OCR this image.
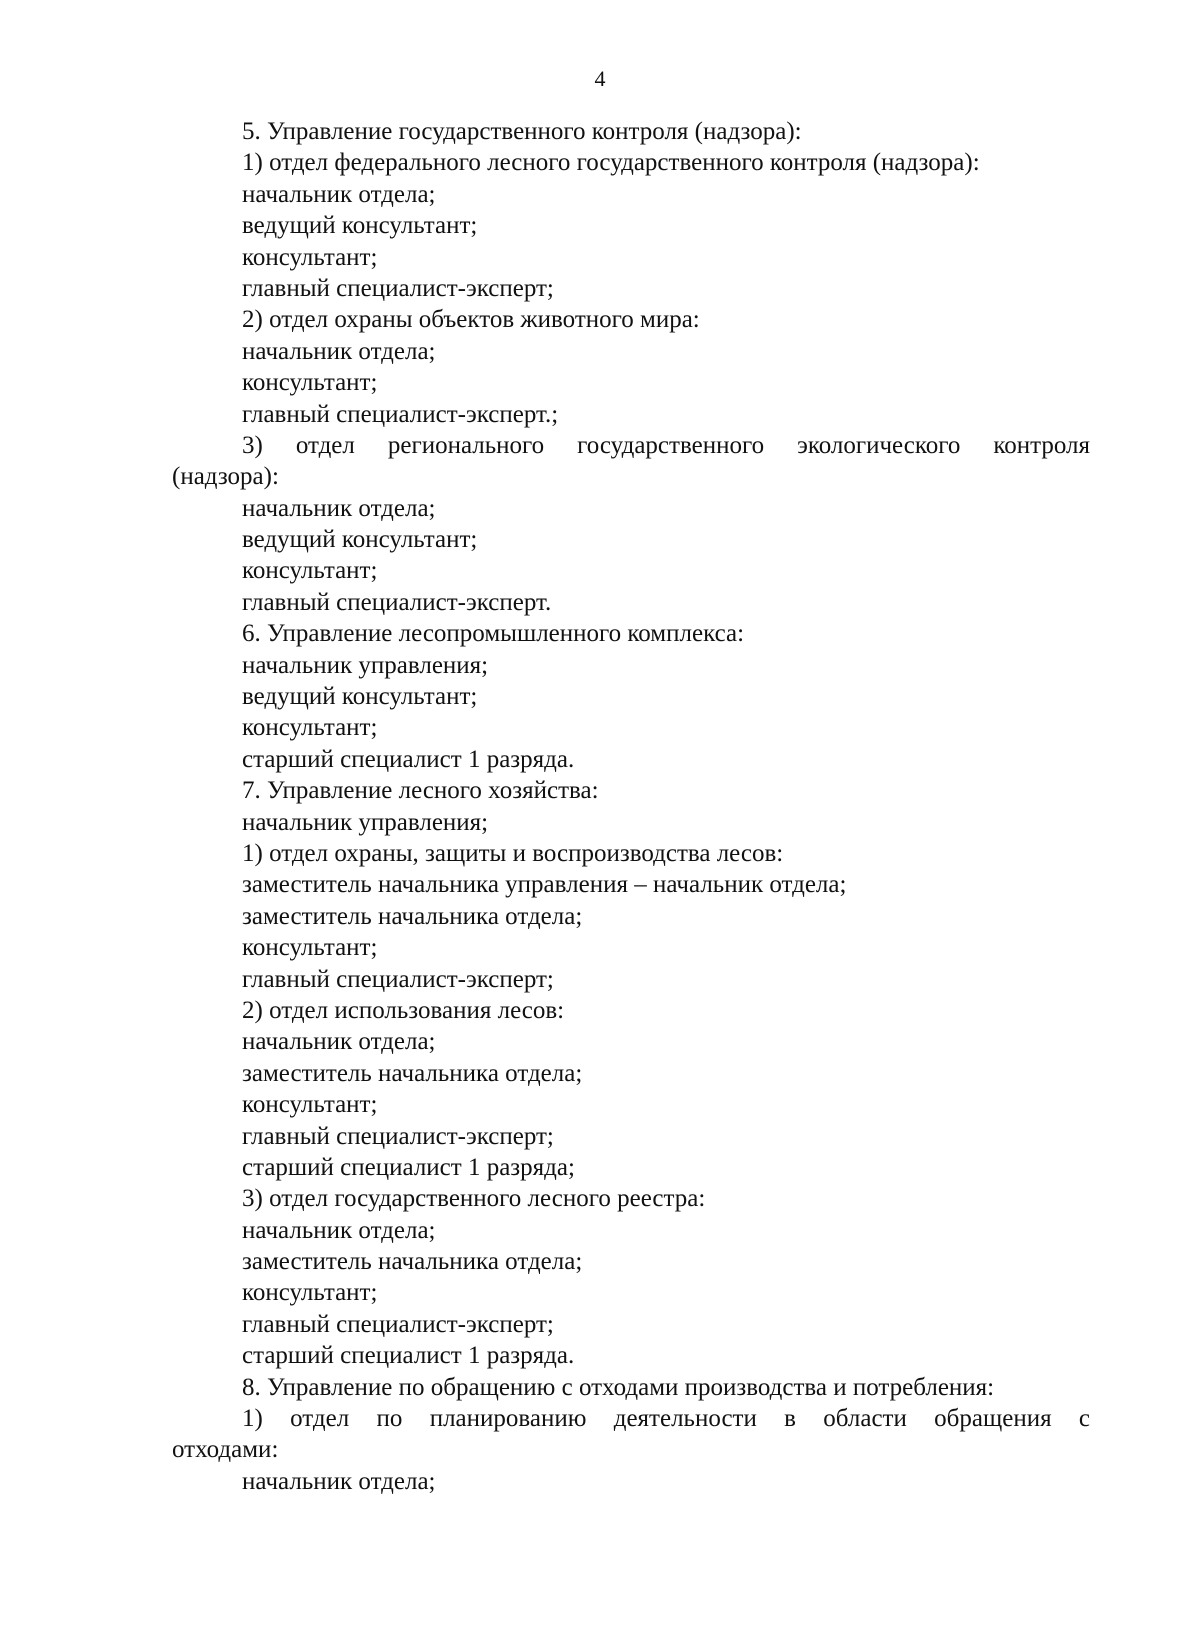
4
5. Управление государственного контроля (надзора):
1) отдел федерального лесного государственного контроля (надзора):
начальник отдела;
ведущий консультант;
консультант;
главный специалист-эксперт;
2) отдел охраны объектов животного мира:
начальник отдела;
консультант;
главный специалист-эксперт.;
3) отдел регионального государственного экологического контроля
(надзора):
начальник отдела;
ведущий консультант;
консультант;
главный специалист-эксперт.
6. Управление лесопромышленного комплекса:
начальник управления;
ведущий консультант;
консультант;
старший специалист 1 разряда.
7. Управление лесного хозяйства:
начальник управления;
1) отдел охраны, защиты и воспроизводства лесов:
заместитель начальника управления – начальник отдела;
заместитель начальника отдела;
консультант;
главный специалист-эксперт;
2) отдел использования лесов:
начальник отдела;
заместитель начальника отдела;
консультант;
главный специалист-эксперт;
старший специалист 1 разряда;
3) отдел государственного лесного реестра:
начальник отдела;
заместитель начальника отдела;
консультант;
главный специалист-эксперт;
старший специалист 1 разряда.
8. Управление по обращению с отходами производства и потребления:
1) отдел по планированию деятельности в области обращения с
отходами:
начальник отдела;
